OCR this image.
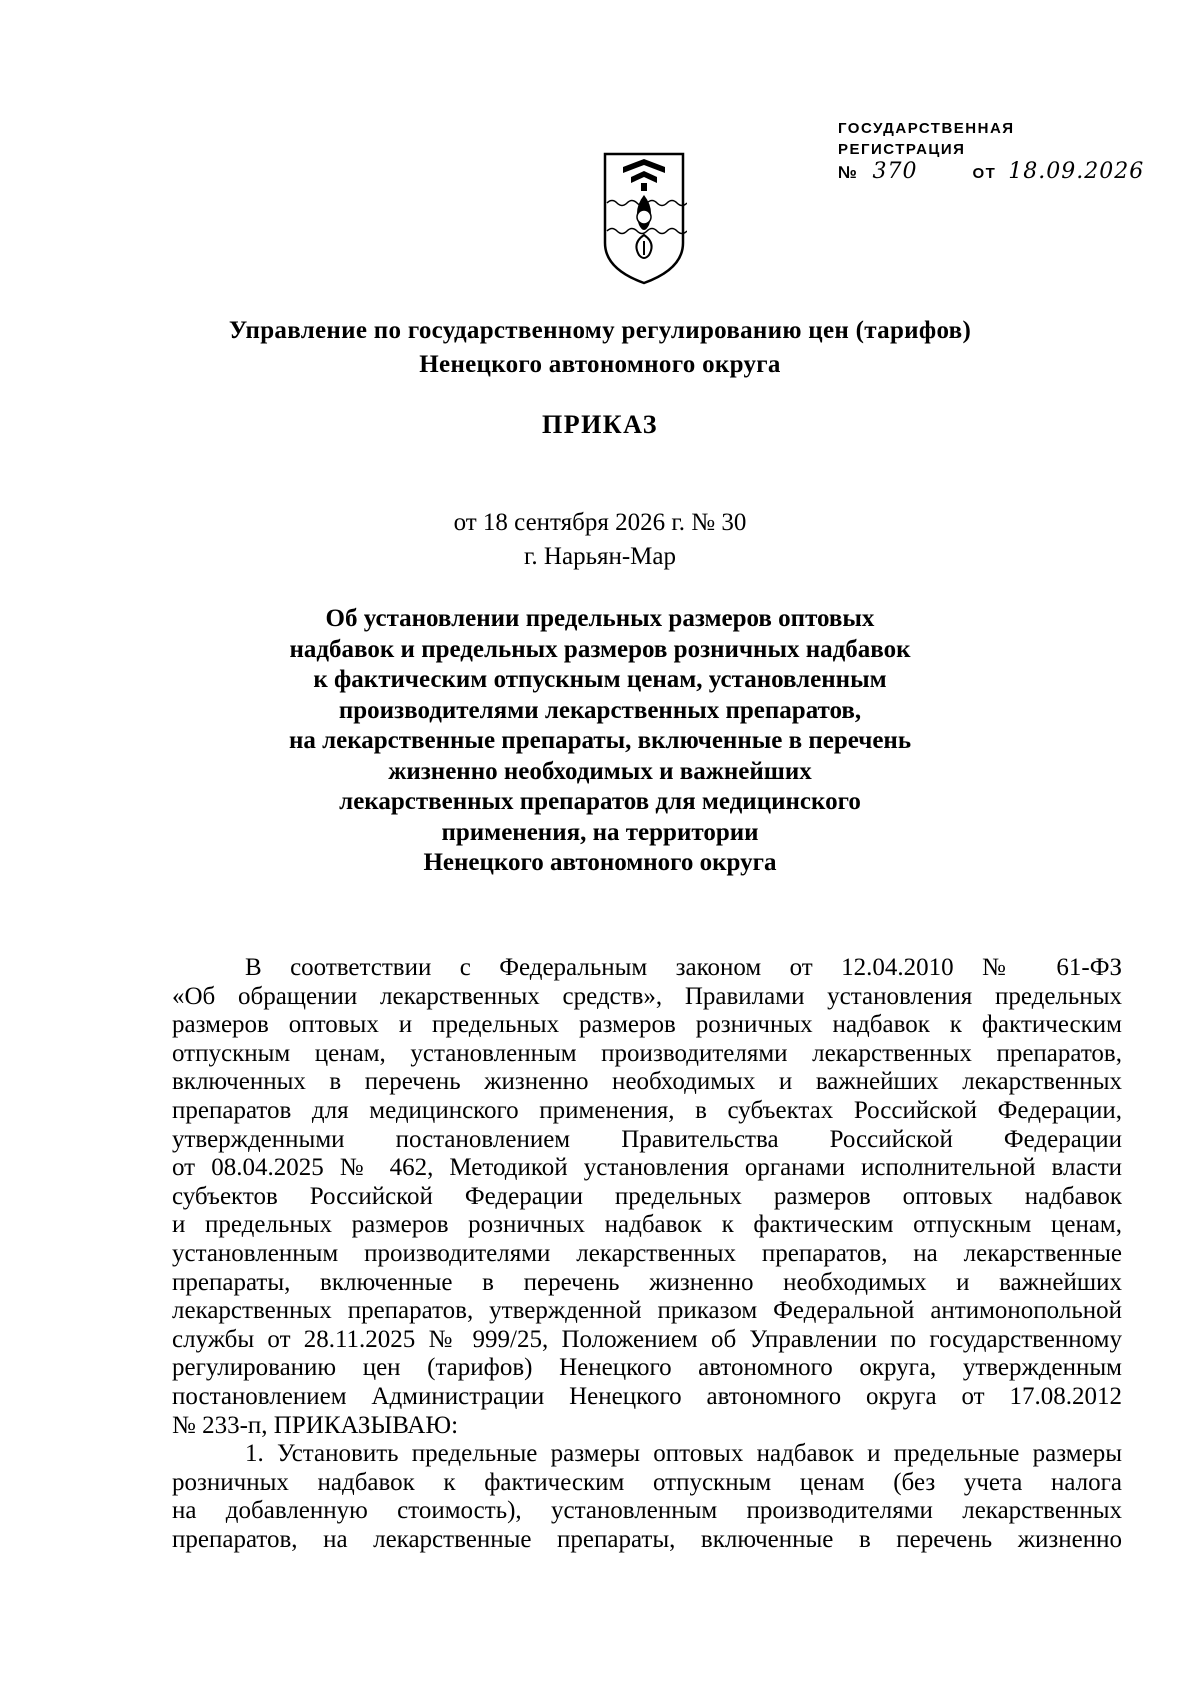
ГОСУДАРСТВЕННАЯ
РЕГИСТРАЦИЯ
№ 370	ОТ 18.09.2026
Управление по государственному регулированию цен (тарифов)
Ненецкого автономного округа
ПРИКАЗ
от 18 сентября 2026 г. № 30
г. Нарьян-Мар
Об установлении предельных размеров оптовых
надбавок и предельных размеров розничных надбавок
к фактическим отпускным ценам, установленным
производителями лекарственных препаратов,
на лекарственные препараты, включенные в перечень
жизненно необходимых и важнейших
лекарственных препаратов для медицинского
применения, на территории
Ненецкого автономного округа
В соответствии с Федеральным законом от 12.04.2010 № 61-ФЗ
«Об обращении лекарственных средств», Правилами установления предельных
размеров оптовых и предельных размеров розничных надбавок к фактическим
отпускным ценам, установленным производителями лекарственных препаратов,
включенных в перечень жизненно необходимых и важнейших лекарственных
препаратов для медицинского применения, в субъектах Российской Федерации,
утвержденными постановлением Правительства Российской Федерации
от 08.04.2025 № 462, Методикой установления органами исполнительной власти
субъектов Российской Федерации предельных размеров оптовых надбавок
и предельных размеров розничных надбавок к фактическим отпускным ценам,
установленным производителями лекарственных препаратов, на лекарственные
препараты, включенные в перечень жизненно необходимых и важнейших
лекарственных препаратов, утвержденной приказом Федеральной антимонопольной
службы от 28.11.2025 № 999/25, Положением об Управлении по государственному
регулированию цен (тарифов) Ненецкого автономного округа, утвержденным
постановлением Администрации Ненецкого автономного округа от 17.08.2012
№ 233-п, ПРИКАЗЫВАЮ:
1. Установить предельные размеры оптовых надбавок и предельные размеры
розничных надбавок к фактическим отпускным ценам (без учета налога
на добавленную стоимость), установленным производителями лекарственных
препаратов, на лекарственные препараты, включенные в перечень жизненно
